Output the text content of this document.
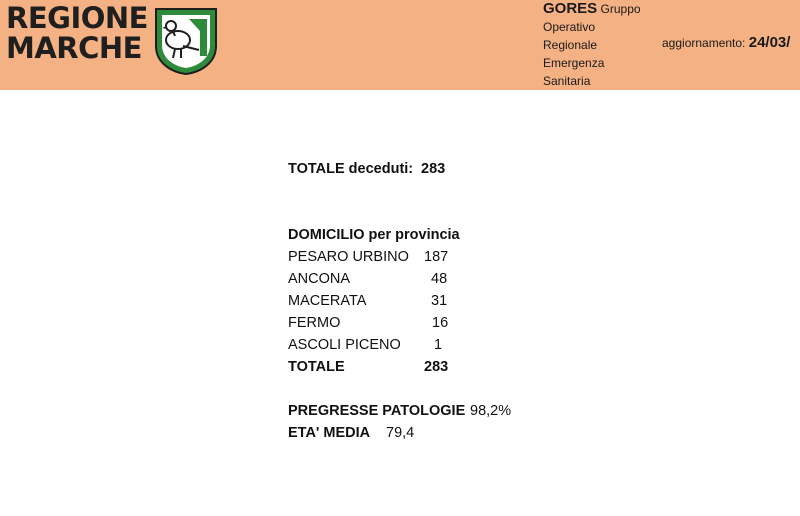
REGIONE
MARCHE
GORES Gruppo
Operativo
Regionale
Emergenza
Sanitaria
aggiornamento: 24/03/
TOTALE deceduti: 283
DOMICILIO per provincia
PESARO URBINO 187
ANCONA	48
MACERATA	31
FERMO	16
ASCOLI PICENO 1
TOTALE	283
PREGRESSE PATOLOGIE 98,2%
ETA' MEDIA 79,4
